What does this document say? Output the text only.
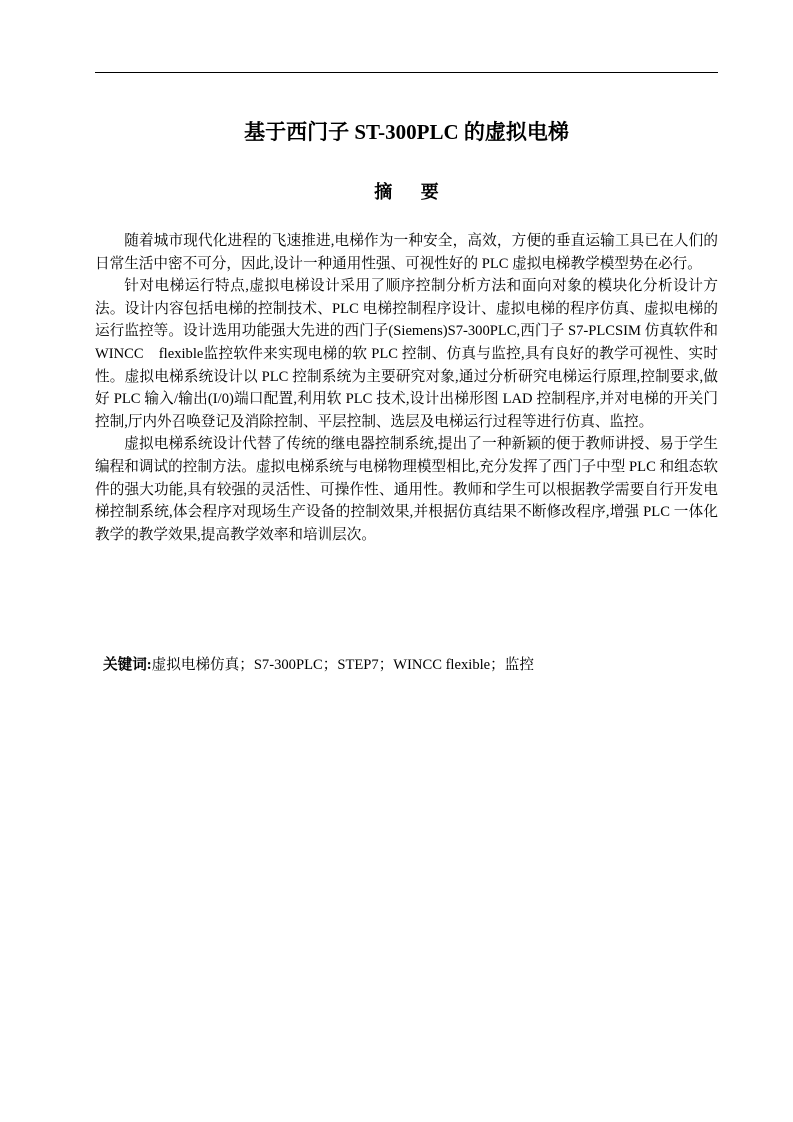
基于西门子 ST-300PLC 的虚拟电梯
摘 要

随着城市现代化进程的飞速推进,电梯作为一种安全，高效，方便的垂直运输工具已在人们的日常生活中密不可分，因此,设计一种通用性强、可视性好的 PLC 虚拟电梯教学模型势在必行。

针对电梯运行特点,虚拟电梯设计采用了顺序控制分析方法和面向对象的模块化分析设计方法。设计内容包括电梯的控制技术、PLC 电梯控制程序设计、虚拟电梯的程序仿真、虚拟电梯的运行监控等。设计选用功能强大先进的西门子(Siemens)S7-300PLC,西门子 S7-PLCSIM 仿真软件和WINCC　flexible监控软件来实现电梯的软 PLC 控制、仿真与监控,具有良好的教学可视性、实时性。虚拟电梯系统设计以 PLC 控制系统为主要研究对象,通过分析研究电梯运行原理,控制要求,做好 PLC 输入/输出(I/0)端口配置,利用软 PLC 技术,设计出梯形图 LAD 控制程序,并对电梯的开关门控制,厅内外召唤登记及消除控制、平层控制、选层及电梯运行过程等进行仿真、监控。

虚拟电梯系统设计代替了传统的继电器控制系统,提出了一种新颖的便于教师讲授、易于学生编程和调试的控制方法。虚拟电梯系统与电梯物理模型相比,充分发挥了西门子中型 PLC 和组态软件的强大功能,具有较强的灵活性、可操作性、通用性。教师和学生可以根据教学需要自行开发电梯控制系统,体会程序对现场生产设备的控制效果,并根据仿真结果不断修改程序,增强 PLC 一体化教学的教学效果,提高教学效率和培训层次。

关键词:虚拟电梯仿真；S7-300PLC；STEP7；WINCC flexible；监控
